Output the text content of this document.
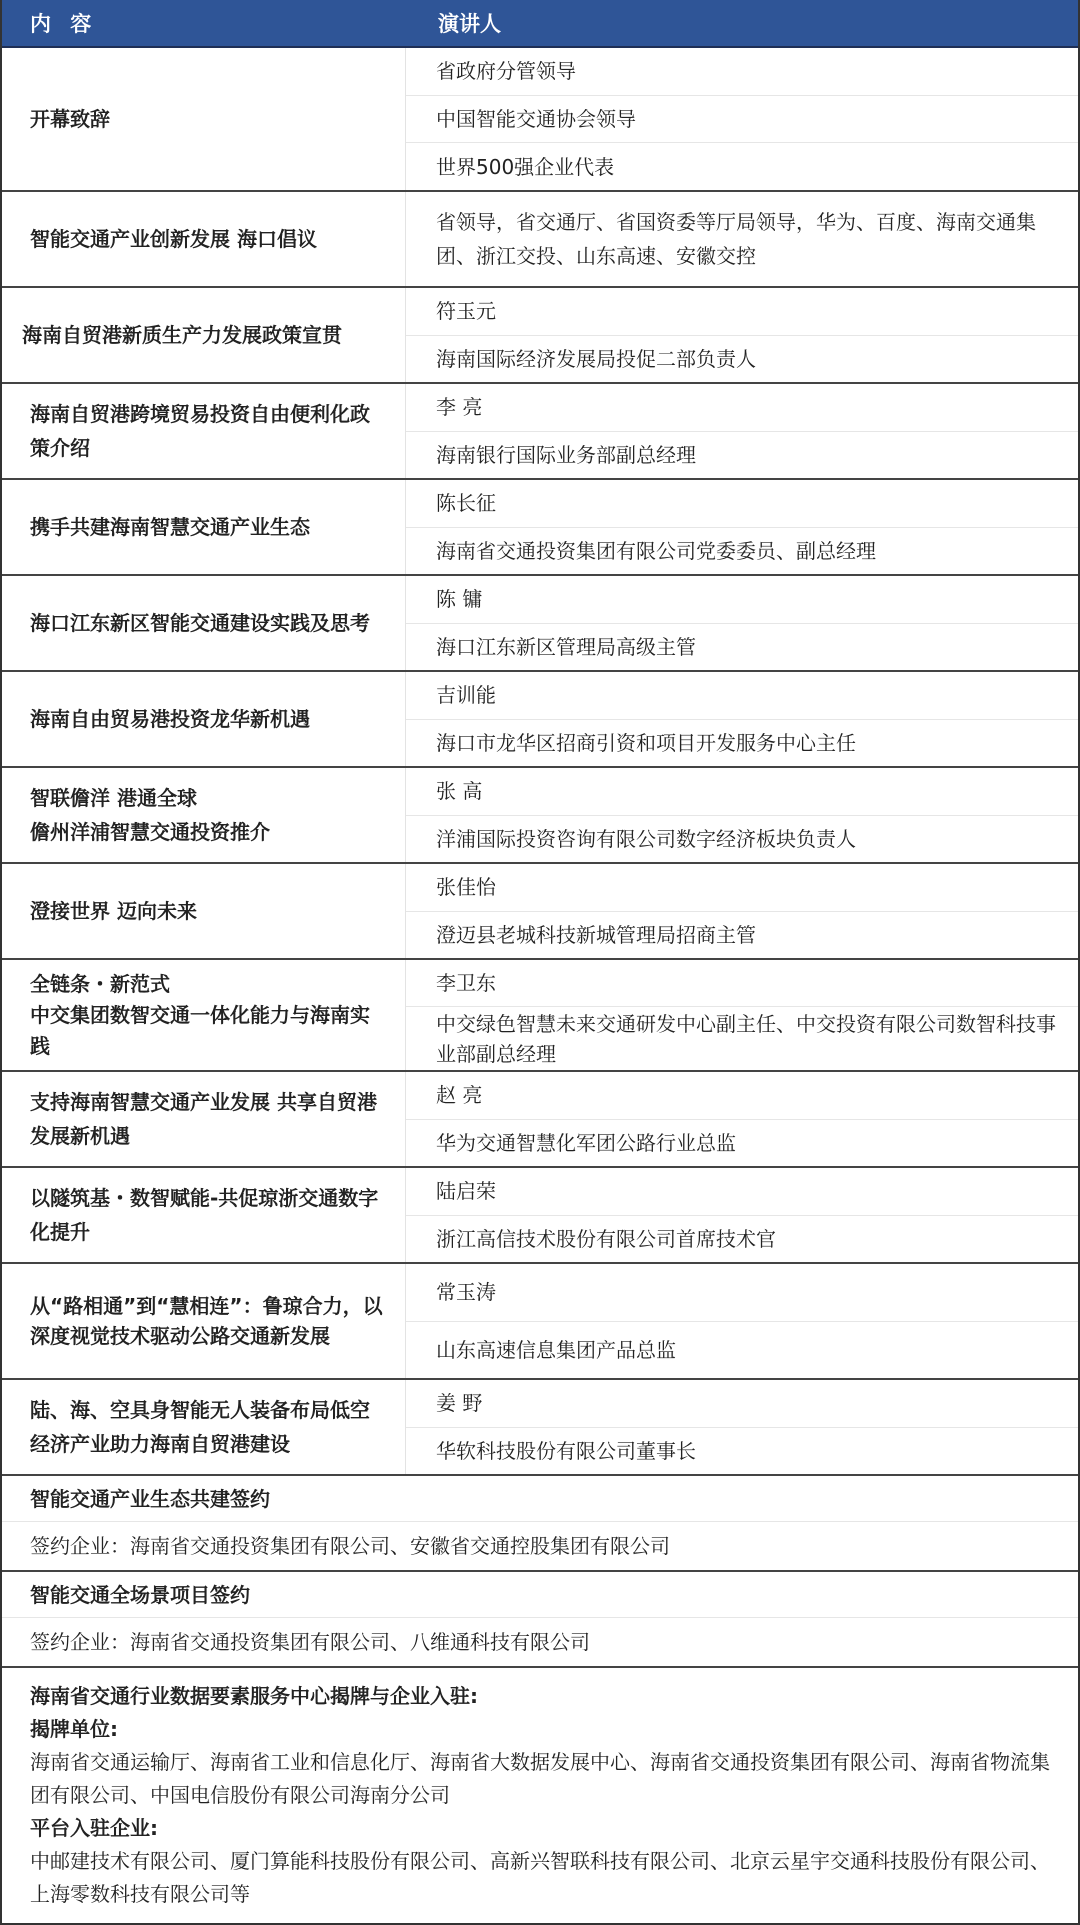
内 容	演讲人
开幕致辞
省政府分管领导
中国智能交通协会领导
世界500强企业代表
智能交通产业创新发展 海口倡议
省领导，省交通厅、省国资委等厅局领导，华为、百度、海南交通集团、浙江交投、山东高速、安徽交控
海南自贸港新质生产力发展政策宣贯
符玉元
海南国际经济发展局投促二部负责人
海南自贸港跨境贸易投资自由便利化政策介绍
李 亮
海南银行国际业务部副总经理
携手共建海南智慧交通产业生态
陈长征
海南省交通投资集团有限公司党委委员、副总经理
海口江东新区智能交通建设实践及思考
陈 镛
海口江东新区管理局高级主管
海南自由贸易港投资龙华新机遇
吉训能
海口市龙华区招商引资和项目开发服务中心主任
智联儋洋 港通全球
儋州洋浦智慧交通投资推介
张 高
洋浦国际投资咨询有限公司数字经济板块负责人
澄接世界 迈向未来
张佳怡
澄迈县老城科技新城管理局招商主管
全链条・新范式
中交集团数智交通一体化能力与海南实践
李卫东
中交绿色智慧未来交通研发中心副主任、中交投资有限公司数智科技事业部副总经理
支持海南智慧交通产业发展 共享自贸港发展新机遇
赵 亮
华为交通智慧化军团公路行业总监
以隧筑基・数智赋能-共促琼浙交通数字化提升
陆启荣
浙江高信技术股份有限公司首席技术官
从“路相通”到“慧相连”：鲁琼合力，以深度视觉技术驱动公路交通新发展
常玉涛
山东高速信息集团产品总监
陆、海、空具身智能无人装备布局低空经济产业助力海南自贸港建设
姜 野
华软科技股份有限公司董事长
智能交通产业生态共建签约
签约企业：海南省交通投资集团有限公司、安徽省交通控股集团有限公司
智能交通全场景项目签约
签约企业：海南省交通投资集团有限公司、八维通科技有限公司
海南省交通行业数据要素服务中心揭牌与企业入驻:
揭牌单位:
海南省交通运输厅、海南省工业和信息化厅、海南省大数据发展中心、海南省交通投资集团有限公司、海南省物流集团有限公司、中国电信股份有限公司海南分公司
平台入驻企业:
中邮建技术有限公司、厦门算能科技股份有限公司、高新兴智联科技有限公司、北京云星宇交通科技股份有限公司、上海零数科技有限公司等
